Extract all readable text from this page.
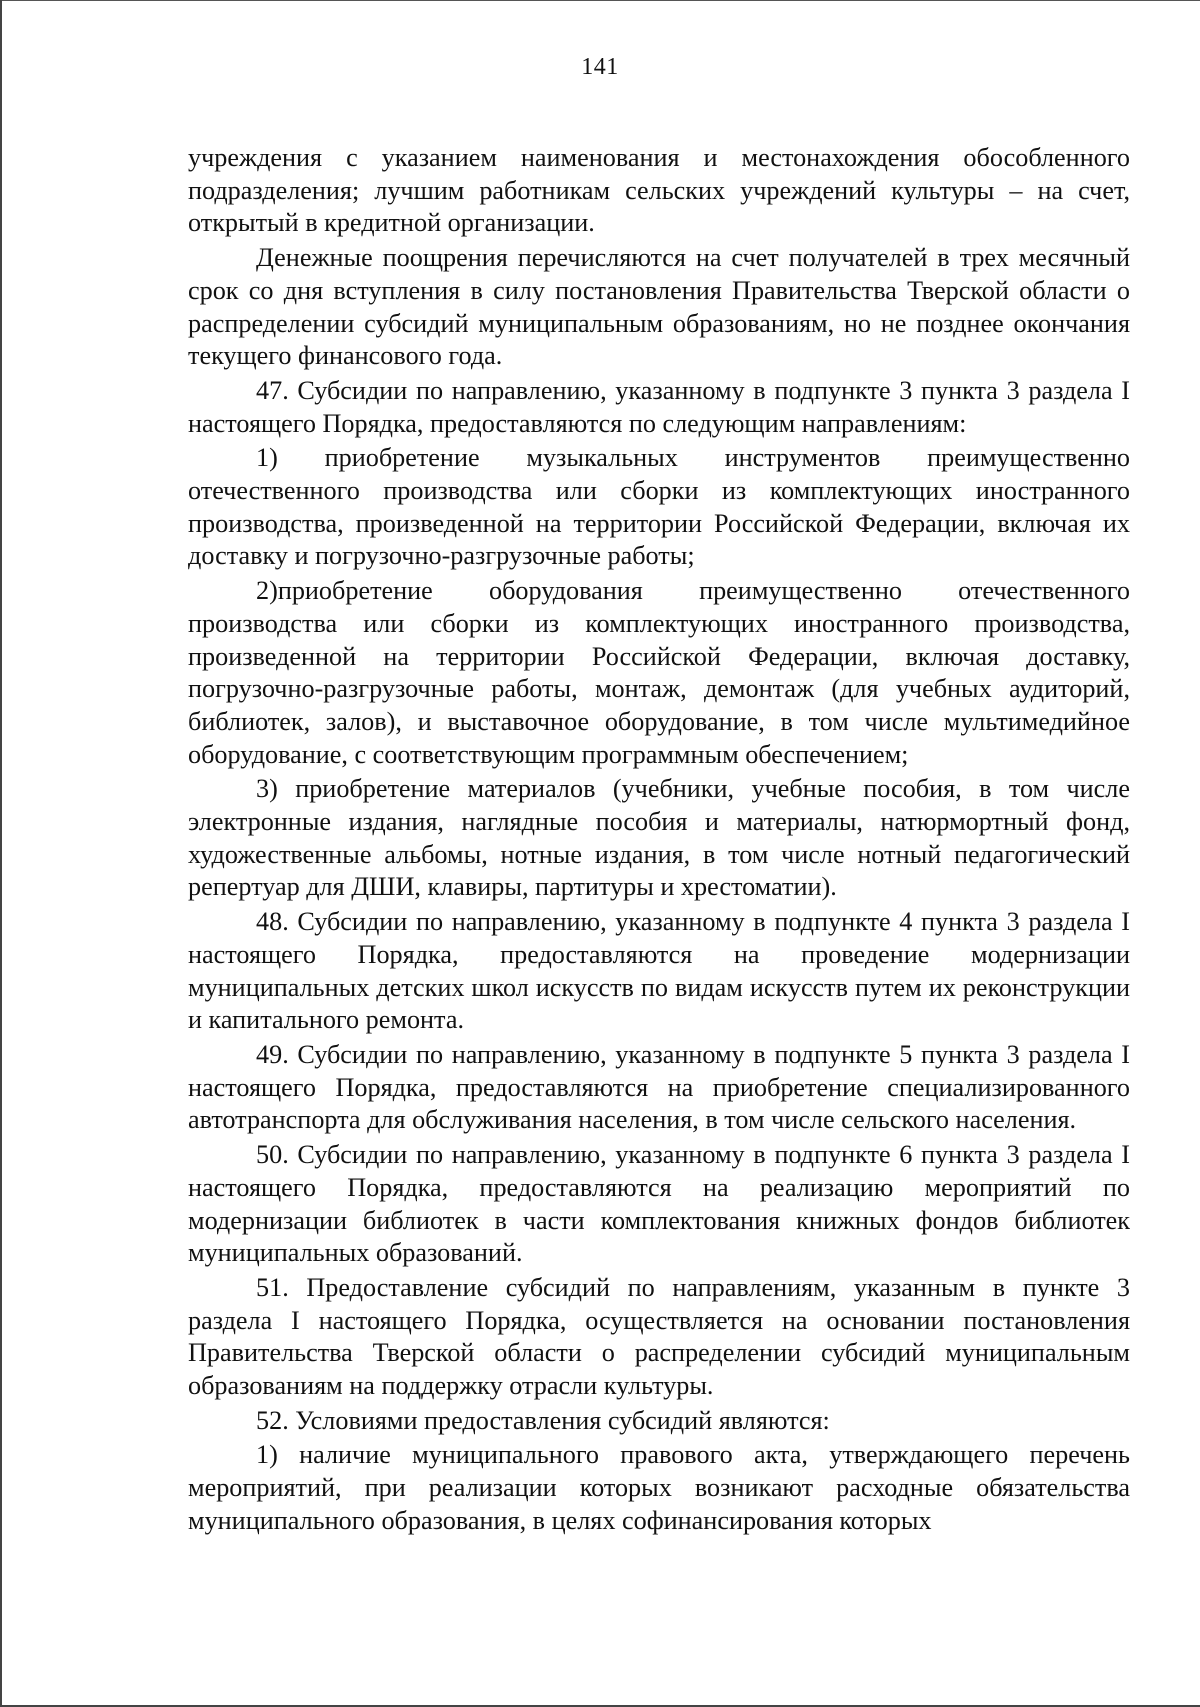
141

учреждения с указанием наименования и местонахождения обособленного подразделения; лучшим работникам сельских учреждений культуры – на счет, открытый в кредитной организации.

Денежные поощрения перечисляются на счет получателей в трех месячный срок со дня вступления в силу постановления Правительства Тверской области о распределении субсидий муниципальным образованиям, но не позднее окончания текущего финансового года.

47. Субсидии по направлению, указанному в подпункте 3 пункта 3 раздела I настоящего Порядка, предоставляются по следующим направлениям:

1) приобретение музыкальных инструментов преимущественно отечественного производства или сборки из комплектующих иностранного производства, произведенной на территории Российской Федерации, включая их доставку и погрузочно-разгрузочные работы;

2)приобретение оборудования преимущественно отечественного производства или сборки из комплектующих иностранного производства, произведенной на территории Российской Федерации, включая доставку, погрузочно-разгрузочные работы, монтаж, демонтаж (для учебных аудиторий, библиотек, залов), и выставочное оборудование, в том числе мультимедийное оборудование, с соответствующим программным обеспечением;

3) приобретение материалов (учебники, учебные пособия, в том числе электронные издания, наглядные пособия и материалы, натюрмортный фонд, художественные альбомы, нотные издания, в том числе нотный педагогический репертуар для ДШИ, клавиры, партитуры и хрестоматии).

48. Субсидии по направлению, указанному в подпункте 4 пункта 3 раздела I настоящего Порядка, предоставляются на проведение модернизации муниципальных детских школ искусств по видам искусств путем их реконструкции и капитального ремонта.

49. Субсидии по направлению, указанному в подпункте 5 пункта 3 раздела I настоящего Порядка, предоставляются на приобретение специализированного автотранспорта для обслуживания населения, в том числе сельского населения.

50. Субсидии по направлению, указанному в подпункте 6 пункта 3 раздела I настоящего Порядка, предоставляются на реализацию мероприятий по модернизации библиотек в части комплектования книжных фондов библиотек муниципальных образований.

51. Предоставление субсидий по направлениям, указанным в пункте 3 раздела I настоящего Порядка, осуществляется на основании постановления Правительства Тверской области о распределении субсидий муниципальным образованиям на поддержку отрасли культуры.

52. Условиями предоставления субсидий являются:

1) наличие муниципального правового акта, утверждающего перечень мероприятий, при реализации которых возникают расходные обязательства муниципального образования, в целях софинансирования которых
